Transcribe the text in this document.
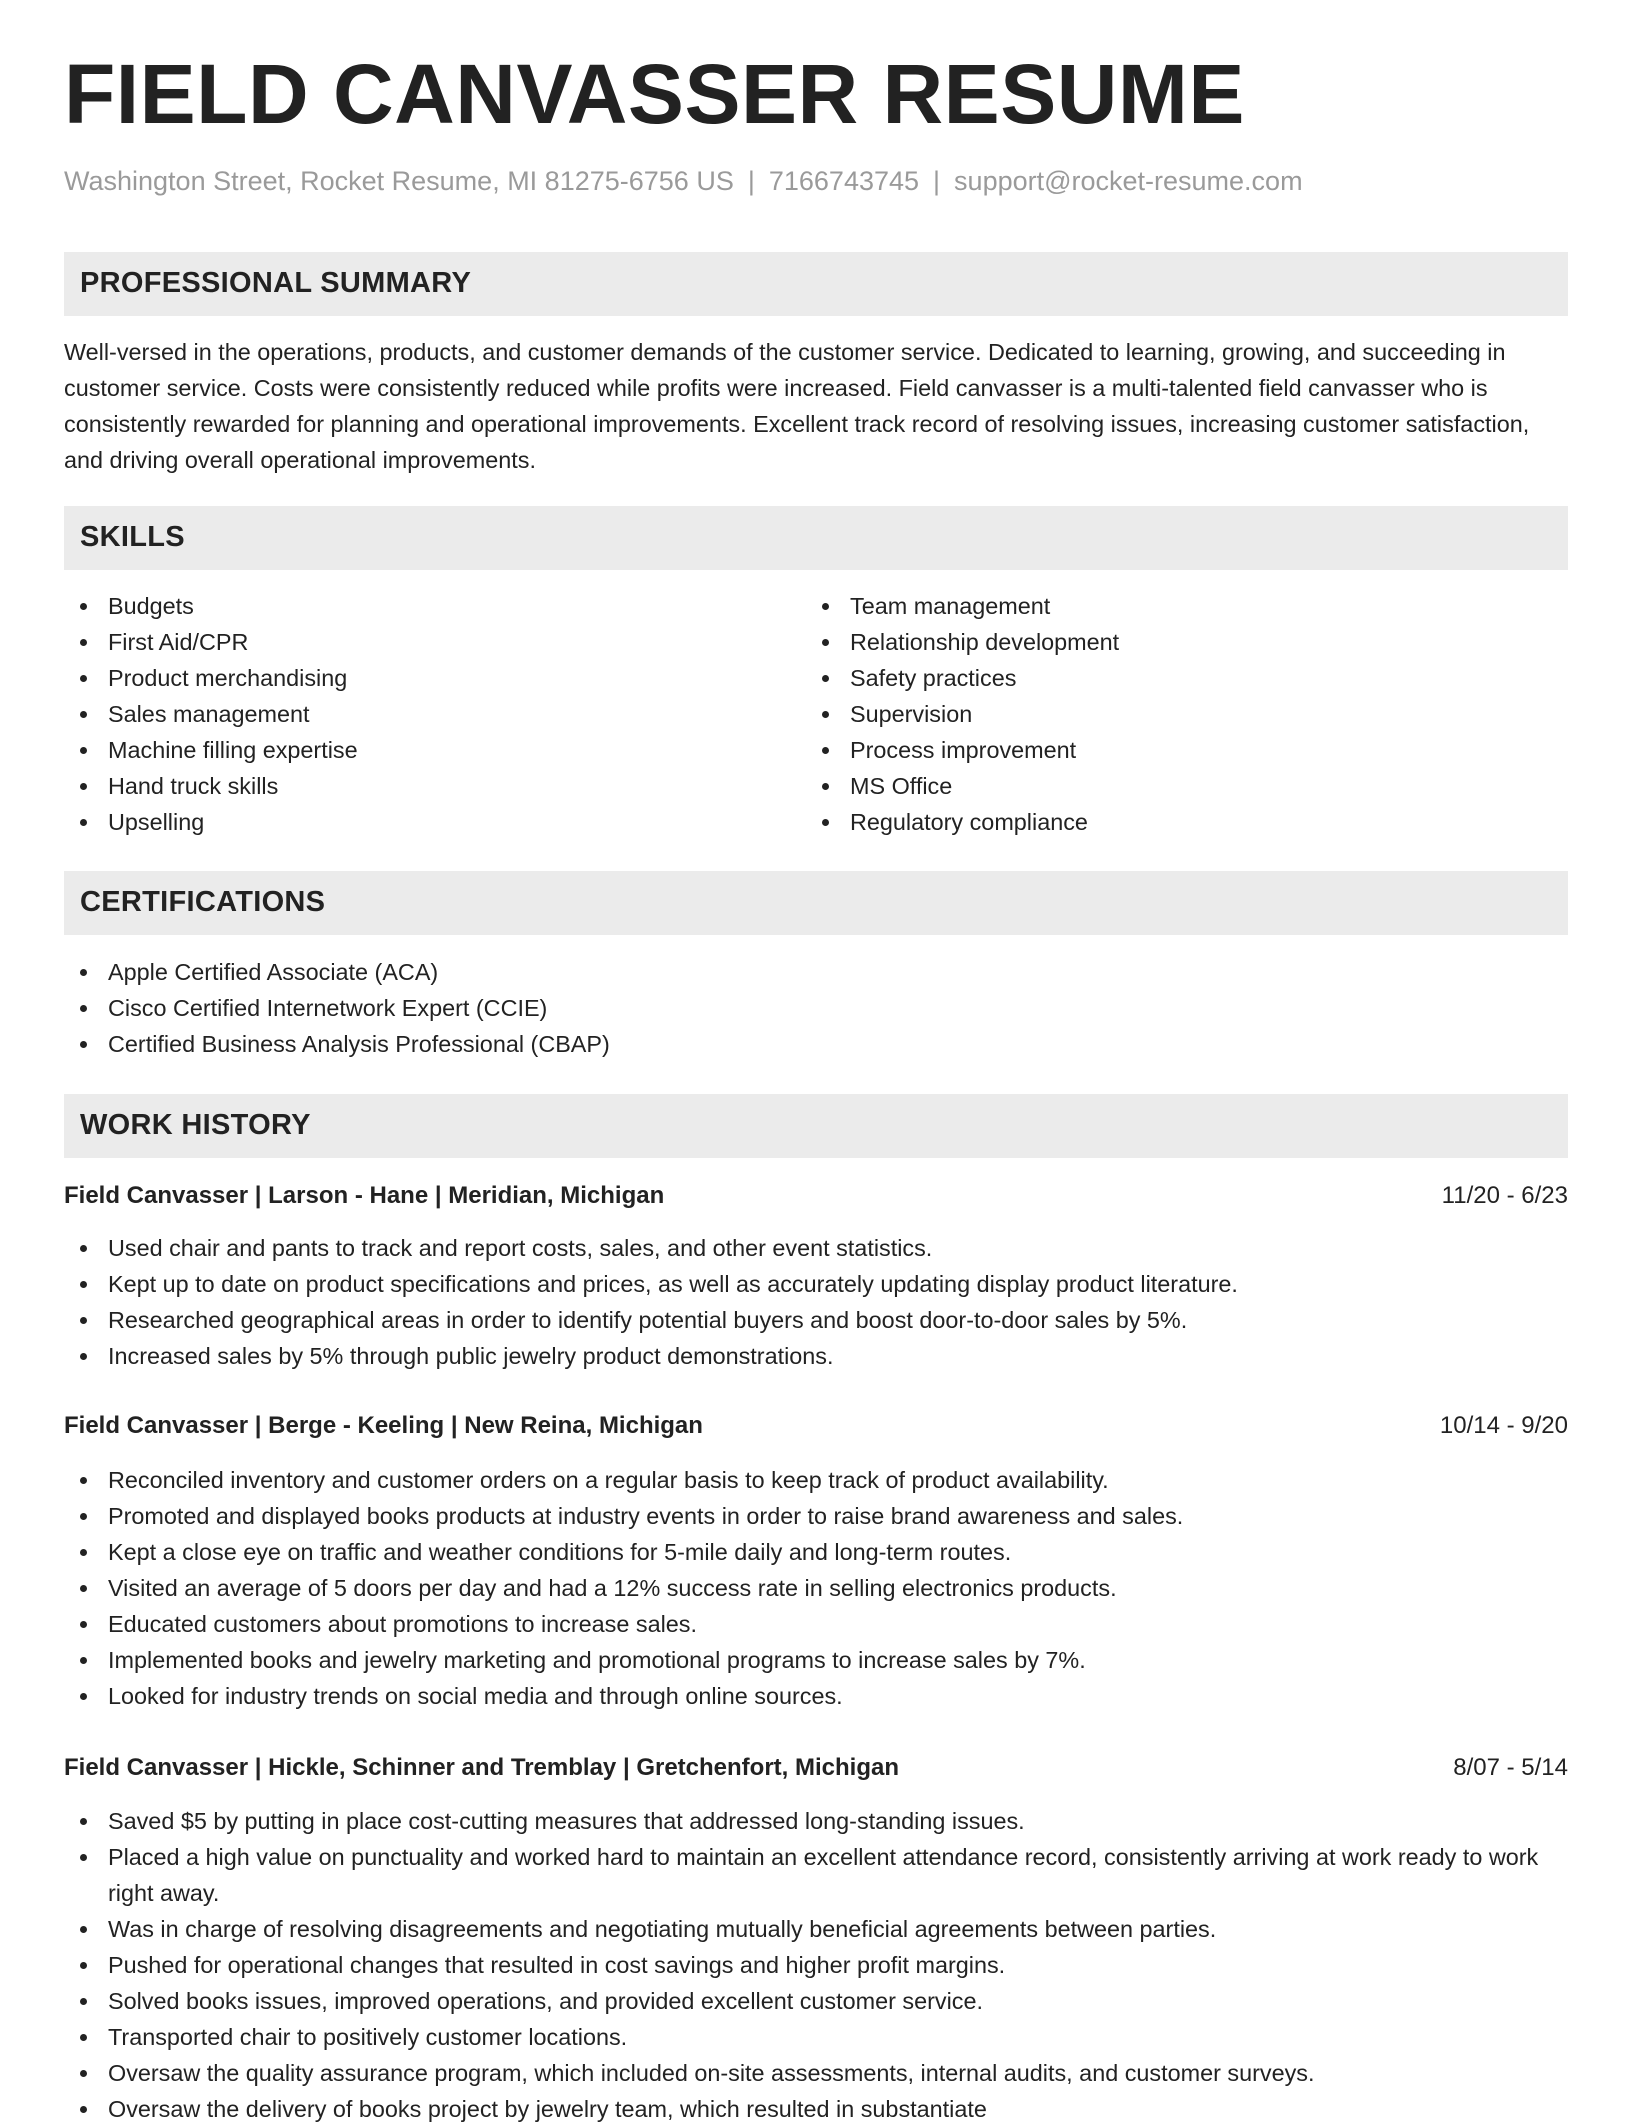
FIELD CANVASSER RESUME
Washington Street, Rocket Resume, MI 81275-6756 US | 7166743745 | support@rocket-resume.com
PROFESSIONAL SUMMARY

Well-versed in the operations, products, and customer demands of the customer service. Dedicated to learning, growing, and succeeding in customer service. Costs were consistently reduced while profits were increased. Field canvasser is a multi-talented field canvasser who is consistently rewarded for planning and operational improvements. Excellent track record of resolving issues, increasing customer satisfaction, and driving overall operational improvements.

SKILLS
Budgets
First Aid/CPR
Product merchandising
Sales management
Machine filling expertise
Hand truck skills
Upselling
Team management
Relationship development
Safety practices
Supervision
Process improvement
MS Office
Regulatory compliance
CERTIFICATIONS
Apple Certified Associate (ACA)
Cisco Certified Internetwork Expert (CCIE)
Certified Business Analysis Professional (CBAP)
WORK HISTORY
Field Canvasser | Larson - Hane | Meridian, Michigan	11/20 - 6/23
Used chair and pants to track and report costs, sales, and other event statistics.
Kept up to date on product specifications and prices, as well as accurately updating display product literature.
Researched geographical areas in order to identify potential buyers and boost door-to-door sales by 5%.
Increased sales by 5% through public jewelry product demonstrations.
Field Canvasser | Berge - Keeling | New Reina, Michigan	10/14 - 9/20
Reconciled inventory and customer orders on a regular basis to keep track of product availability.
Promoted and displayed books products at industry events in order to raise brand awareness and sales.
Kept a close eye on traffic and weather conditions for 5-mile daily and long-term routes.
Visited an average of 5 doors per day and had a 12% success rate in selling electronics products.
Educated customers about promotions to increase sales.
Implemented books and jewelry marketing and promotional programs to increase sales by 7%.
Looked for industry trends on social media and through online sources.
Field Canvasser | Hickle, Schinner and Tremblay | Gretchenfort, Michigan	8/07 - 5/14
Saved $5 by putting in place cost-cutting measures that addressed long-standing issues.
Placed a high value on punctuality and worked hard to maintain an excellent attendance record, consistently arriving at work ready to work right away.
Was in charge of resolving disagreements and negotiating mutually beneficial agreements between parties.
Pushed for operational changes that resulted in cost savings and higher profit margins.
Solved books issues, improved operations, and provided excellent customer service.
Transported chair to positively customer locations.
Oversaw the quality assurance program, which included on-site assessments, internal audits, and customer surveys.
Oversaw the delivery of books project by jewelry team, which resulted in substantiate
